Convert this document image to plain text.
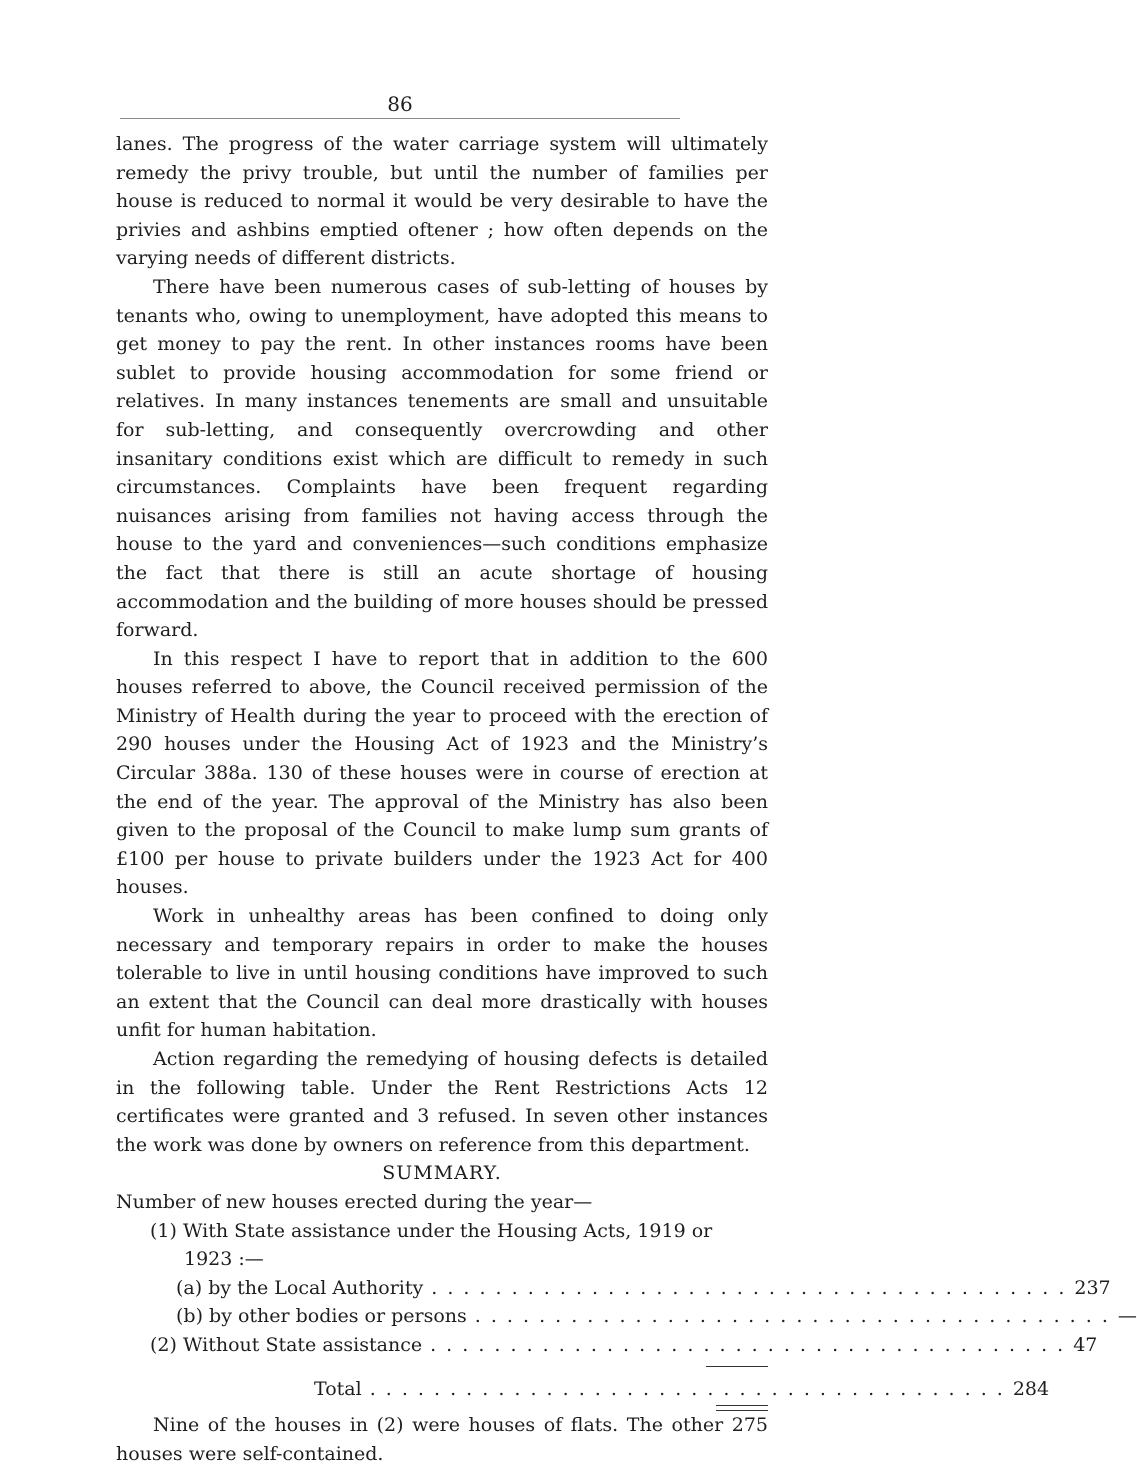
86

lanes. The progress of the water carriage system will ultimately remedy the privy trouble, but until the number of families per house is reduced to normal it would be very desirable to have the privies and ashbins emptied oftener ; how often depends on the varying needs of different districts.

There have been numerous cases of sub-letting of houses by tenants who, owing to unemployment, have adopted this means to get money to pay the rent. In other instances rooms have been sublet to provide housing accommodation for some friend or relatives. In many instances tenements are small and unsuitable for sub-letting, and consequently overcrowding and other insanitary conditions exist which are difficult to remedy in such circumstances. Complaints have been frequent regarding nuisances arising from families not having access through the house to the yard and conveniences—such conditions emphasize the fact that there is still an acute shortage of housing accommodation and the building of more houses should be pressed forward.

In this respect I have to report that in addition to the 600 houses referred to above, the Council received permission of the Ministry of Health during the year to proceed with the erection of 290 houses under the Housing Act of 1923 and the Ministry’s Circular 388a. 130 of these houses were in course of erection at the end of the year. The approval of the Ministry has also been given to the proposal of the Council to make lump sum grants of £100 per house to private builders under the 1923 Act for 400 houses.

Work in unhealthy areas has been confined to doing only necessary and temporary repairs in order to make the houses tolerable to live in until housing conditions have improved to such an extent that the Council can deal more drastically with houses unfit for human habitation.

Action regarding the remedying of housing defects is detailed in the following table. Under the Rent Restrictions Acts 12 certificates were granted and 3 refused. In seven other instances the work was done by owners on reference from this department.

SUMMARY.

Number of new houses erected during the year—

(1) With State assistance under the Housing Acts, 1919 or
1923 :—
(a) by the Local Authority . . . . . . . . . . . . . . . . . . . . . . . . . . . . . . . . . . . . . . . . 237
(b) by other bodies or persons . . . . . . . . . . . . . . . . . . . . . . . . . . . . . . . . . . . . . . . . —
(2) Without State assistance . . . . . . . . . . . . . . . . . . . . . . . . . . . . . . . . . . . . . . . . 47
Total . . . . . . . . . . . . . . . . . . . . . . . . . . . . . . . . . . . . . . . . 284

Nine of the houses in (2) were houses of flats. The other 275 houses were self-contained.
